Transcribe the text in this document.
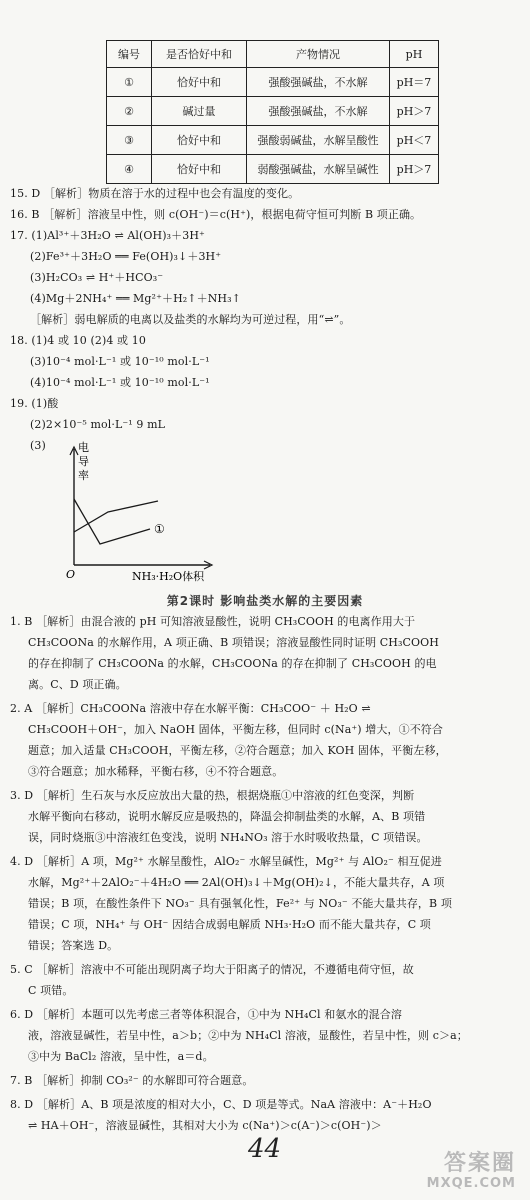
编号	是否恰好中和	产物情况	pH
①	恰好中和	强酸强碱盐，不水解	pH＝7
②	碱过量	强酸强碱盐，不水解	pH＞7
③	恰好中和	强酸弱碱盐，水解呈酸性	pH＜7
④	恰好中和	弱酸强碱盐，水解呈碱性	pH＞7
15. D ［解析］物质在溶于水的过程中也会有温度的变化。
16. B ［解析］溶液呈中性，则 c(OH⁻)＝c(H⁺)，根据电荷守恒可判断 B 项正确。
17. (1)Al³⁺＋3H₂O ⇌ Al(OH)₃＋3H⁺
(2)Fe³⁺＋3H₂O ══ Fe(OH)₃↓＋3H⁺
(3)H₂CO₃ ⇌ H⁺＋HCO₃⁻
(4)Mg＋2NH₄⁺ ══ Mg²⁺＋H₂↑＋NH₃↑
［解析］弱电解质的电离以及盐类的水解均为可逆过程，用“⇌”。
18. (1)4 或 10 (2)4 或 10
(3)10⁻⁴ mol·L⁻¹ 或 10⁻¹⁰ mol·L⁻¹
(4)10⁻⁴ mol·L⁻¹ 或 10⁻¹⁰ mol·L⁻¹
19. (1)酸
(2)2×10⁻⁵ mol·L⁻¹ 9 mL
(3)	电
导
率
①
O	NH₃·H₂O体积
第2课时 影响盐类水解的主要因素
1. B ［解析］由混合液的 pH 可知溶液显酸性，说明 CH₃COOH 的电离作用大于
CH₃COONa 的水解作用，A 项正确、B 项错误；溶液显酸性同时证明 CH₃COOH
的存在抑制了 CH₃COONa 的水解，CH₃COONa 的存在抑制了 CH₃COOH 的电
离。C、D 项正确。
2. A ［解析］CH₃COONa 溶液中存在水解平衡：CH₃COO⁻ ＋ H₂O ⇌
CH₃COOH＋OH⁻，加入 NaOH 固体，平衡左移，但同时 c(Na⁺) 增大，①不符合
题意；加入适量 CH₃COOH，平衡左移，②符合题意；加入 KOH 固体，平衡左移，
③符合题意；加水稀释，平衡右移，④不符合题意。
3. D ［解析］生石灰与水反应放出大量的热，根据烧瓶①中溶液的红色变深，判断
水解平衡向右移动，说明水解反应是吸热的，降温会抑制盐类的水解，A、B 项错
误，同时烧瓶③中溶液红色变浅，说明 NH₄NO₃ 溶于水时吸收热量，C 项错误。
4. D ［解析］A 项，Mg²⁺ 水解呈酸性，AlO₂⁻ 水解呈碱性，Mg²⁺ 与 AlO₂⁻ 相互促进
水解，Mg²⁺＋2AlO₂⁻＋4H₂O ══ 2Al(OH)₃↓＋Mg(OH)₂↓，不能大量共存，A 项
错误；B 项，在酸性条件下 NO₃⁻ 具有强氧化性，Fe²⁺ 与 NO₃⁻ 不能大量共存，B 项
错误；C 项，NH₄⁺ 与 OH⁻ 因结合成弱电解质 NH₃·H₂O 而不能大量共存，C 项
错误；答案选 D。
5. C ［解析］溶液中不可能出现阴离子均大于阳离子的情况，不遵循电荷守恒，故
C 项错。
6. D ［解析］本题可以先考虑三者等体积混合，①中为 NH₄Cl 和氨水的混合溶
液，溶液显碱性，若呈中性，a＞b；②中为 NH₄Cl 溶液，显酸性，若呈中性，则 c＞a；
③中为 BaCl₂ 溶液，呈中性，a＝d。
7. B ［解析］抑制 CO₃²⁻ 的水解即可符合题意。
8. D ［解析］A、B 项是浓度的相对大小，C、D 项是等式。NaA 溶液中：A⁻＋H₂O
⇌ HA＋OH⁻，溶液显碱性，其相对大小为 c(Na⁺)＞c(A⁻)＞c(OH⁻)＞
44	答案圈
MXQE.COM
